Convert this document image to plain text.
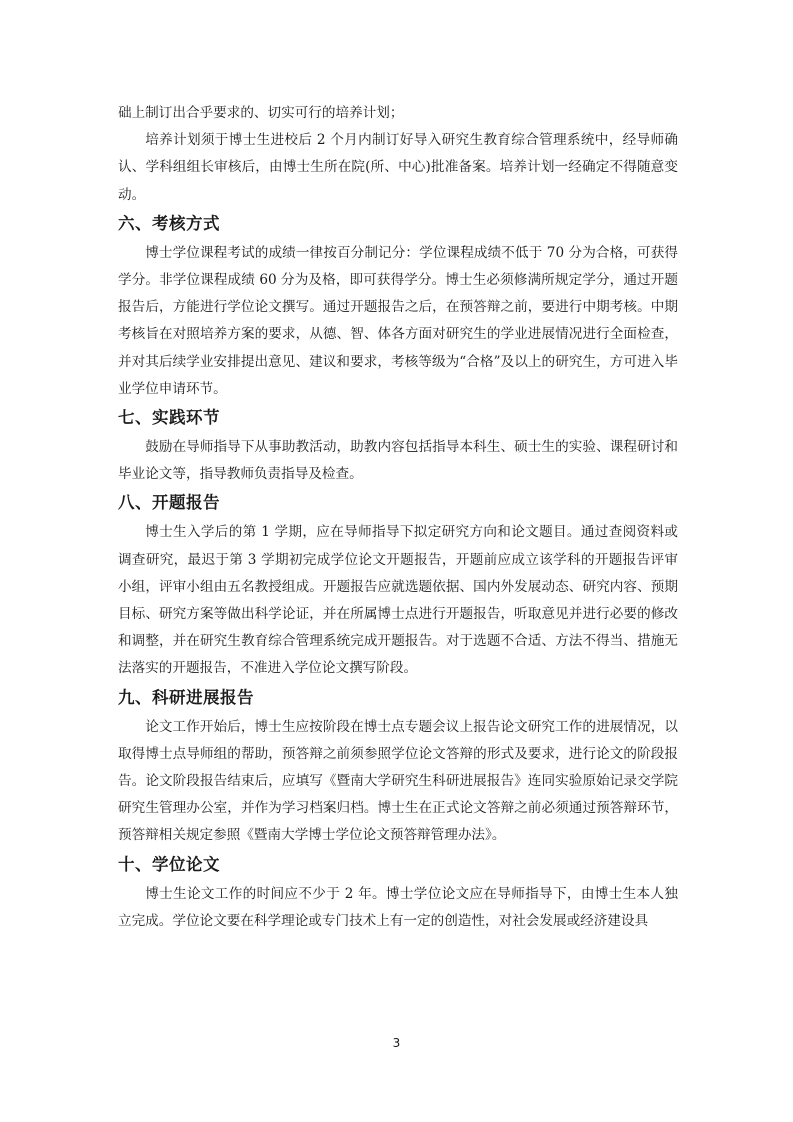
础上制订出合乎要求的、切实可行的培养计划；

培养计划须于博士生进校后 2 个月内制订好导入研究生教育综合管理系统中，经导师确认、学科组组长审核后，由博士生所在院(所、中心)批准备案。培养计划一经确定不得随意变动。

六、考核方式

博士学位课程考试的成绩一律按百分制记分：学位课程成绩不低于 70 分为合格，可获得学分。非学位课程成绩 60 分为及格，即可获得学分。博士生必须修满所规定学分，通过开题报告后，方能进行学位论文撰写。通过开题报告之后，在预答辩之前，要进行中期考核。中期考核旨在对照培养方案的要求，从德、智、体各方面对研究生的学业进展情况进行全面检查，并对其后续学业安排提出意见、建议和要求，考核等级为“合格”及以上的研究生，方可进入毕业学位申请环节。

七、实践环节

鼓励在导师指导下从事助教活动，助教内容包括指导本科生、硕士生的实验、课程研讨和毕业论文等，指导教师负责指导及检查。

八、开题报告

博士生入学后的第 1 学期，应在导师指导下拟定研究方向和论文题目。通过查阅资料或调查研究，最迟于第 3 学期初完成学位论文开题报告，开题前应成立该学科的开题报告评审小组，评审小组由五名教授组成。开题报告应就选题依据、国内外发展动态、研究内容、预期目标、研究方案等做出科学论证，并在所属博士点进行开题报告，听取意见并进行必要的修改和调整，并在研究生教育综合管理系统完成开题报告。对于选题不合适、方法不得当、措施无法落实的开题报告，不准进入学位论文撰写阶段。

九、科研进展报告

论文工作开始后，博士生应按阶段在博士点专题会议上报告论文研究工作的进展情况，以取得博士点导师组的帮助，预答辩之前须参照学位论文答辩的形式及要求，进行论文的阶段报告。论文阶段报告结束后，应填写《暨南大学研究生科研进展报告》连同实验原始记录交学院研究生管理办公室，并作为学习档案归档。博士生在正式论文答辩之前必须通过预答辩环节，预答辩相关规定参照《暨南大学博士学位论文预答辩管理办法》。

十、学位论文

博士生论文工作的时间应不少于 2 年。博士学位论文应在导师指导下，由博士生本人独立完成。学位论文要在科学理论或专门技术上有一定的创造性，对社会发展或经济建设具

3
